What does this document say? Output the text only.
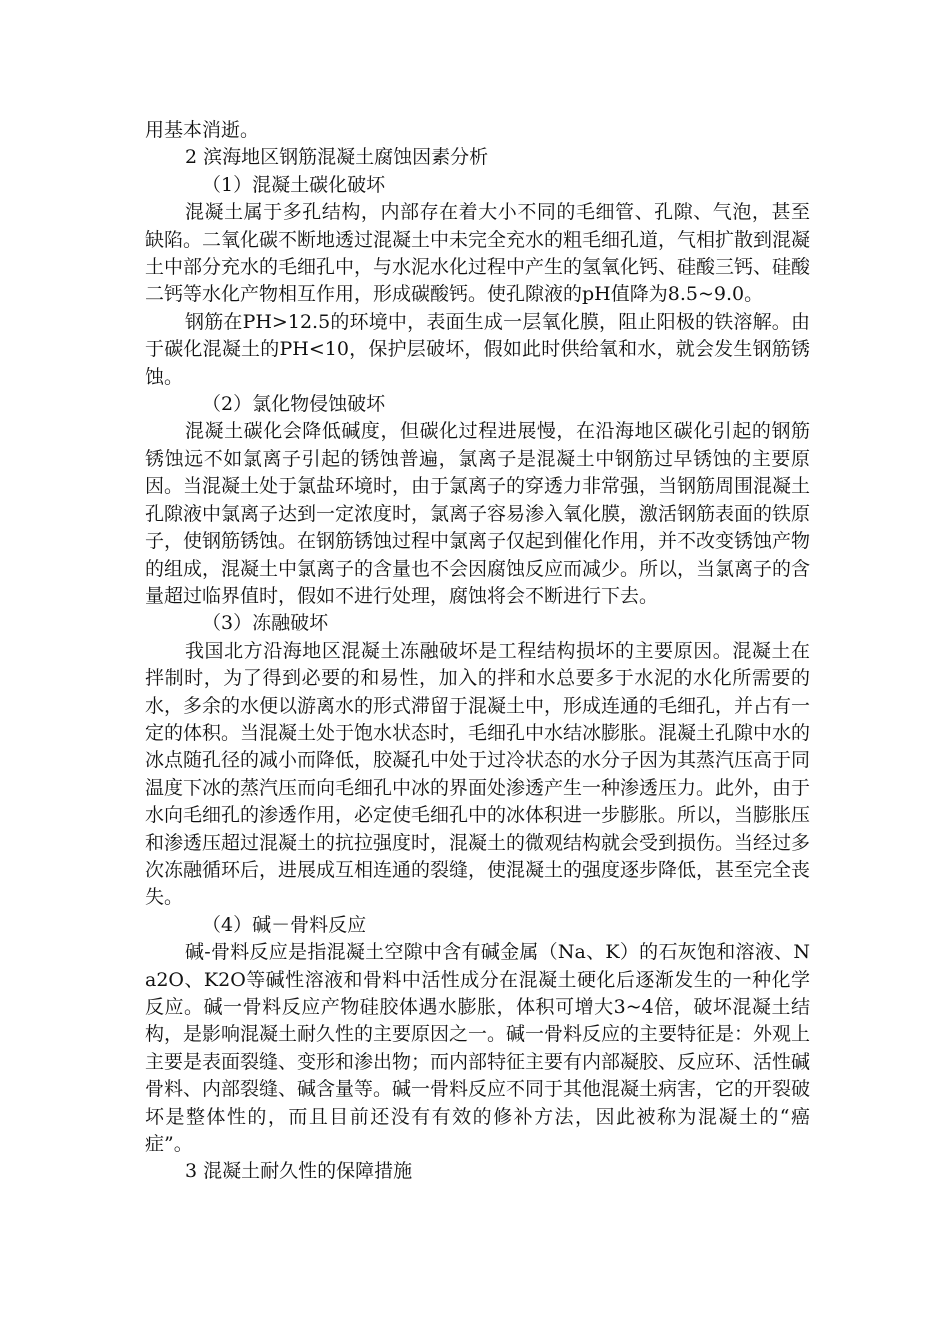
用基本消逝。

2 滨海地区钢筋混凝土腐蚀因素分析

（1）混凝土碳化破坏

混凝土属于多孔结构，内部存在着大小不同的毛细管、孔隙、气泡，甚至缺陷。二氧化碳不断地透过混凝土中未完全充水的粗毛细孔道，气相扩散到混凝土中部分充水的毛细孔中，与水泥水化过程中产生的氢氧化钙、硅酸三钙、硅酸二钙等水化产物相互作用，形成碳酸钙。使孔隙液的pH值降为8.5~9.0。

钢筋在PH>12.5的环境中，表面生成一层氧化膜，阻止阳极的铁溶解。由于碳化混凝土的PH<10，保护层破坏，假如此时供给氧和水，就会发生钢筋锈蚀。

（2）氯化物侵蚀破坏

混凝土碳化会降低碱度，但碳化过程进展慢，在沿海地区碳化引起的钢筋锈蚀远不如氯离子引起的锈蚀普遍，氯离子是混凝土中钢筋过早锈蚀的主要原因。当混凝土处于氯盐环境时，由于氯离子的穿透力非常强，当钢筋周围混凝土孔隙液中氯离子达到一定浓度时，氯离子容易渗入氧化膜，激活钢筋表面的铁原子，使钢筋锈蚀。在钢筋锈蚀过程中氯离子仅起到催化作用，并不改变锈蚀产物的组成，混凝土中氯离子的含量也不会因腐蚀反应而减少。所以，当氯离子的含量超过临界值时，假如不进行处理，腐蚀将会不断进行下去。

（3）冻融破坏

我国北方沿海地区混凝土冻融破坏是工程结构损坏的主要原因。混凝土在拌制时，为了得到必要的和易性，加入的拌和水总要多于水泥的水化所需要的水，多余的水便以游离水的形式滞留于混凝土中，形成连通的毛细孔，并占有一定的体积。当混凝土处于饱水状态时，毛细孔中水结冰膨胀。混凝土孔隙中水的冰点随孔径的减小而降低，胶凝孔中处于过冷状态的水分子因为其蒸汽压高于同温度下冰的蒸汽压而向毛细孔中冰的界面处渗透产生一种渗透压力。此外，由于水向毛细孔的渗透作用，必定使毛细孔中的冰体积进一步膨胀。所以，当膨胀压和渗透压超过混凝土的抗拉强度时，混凝土的微观结构就会受到损伤。当经过多次冻融循环后，进展成互相连通的裂缝，使混凝土的强度逐步降低，甚至完全丧失。

（4）碱－骨料反应

碱-骨料反应是指混凝土空隙中含有碱金属（Na、K）的石灰饱和溶液、Na2O、K2O等碱性溶液和骨料中活性成分在混凝土硬化后逐渐发生的一种化学反应。碱一骨料反应产物硅胶体遇水膨胀，体积可增大3~4倍，破坏混凝土结构，是影响混凝土耐久性的主要原因之一。碱一骨料反应的主要特征是：外观上主要是表面裂缝、变形和渗出物；而内部特征主要有内部凝胶、反应环、活性碱骨料、内部裂缝、碱含量等。碱一骨料反应不同于其他混凝土病害，它的开裂破坏是整体性的，而且目前还没有有效的修补方法，因此被称为混凝土的“癌症”。

3 混凝土耐久性的保障措施
